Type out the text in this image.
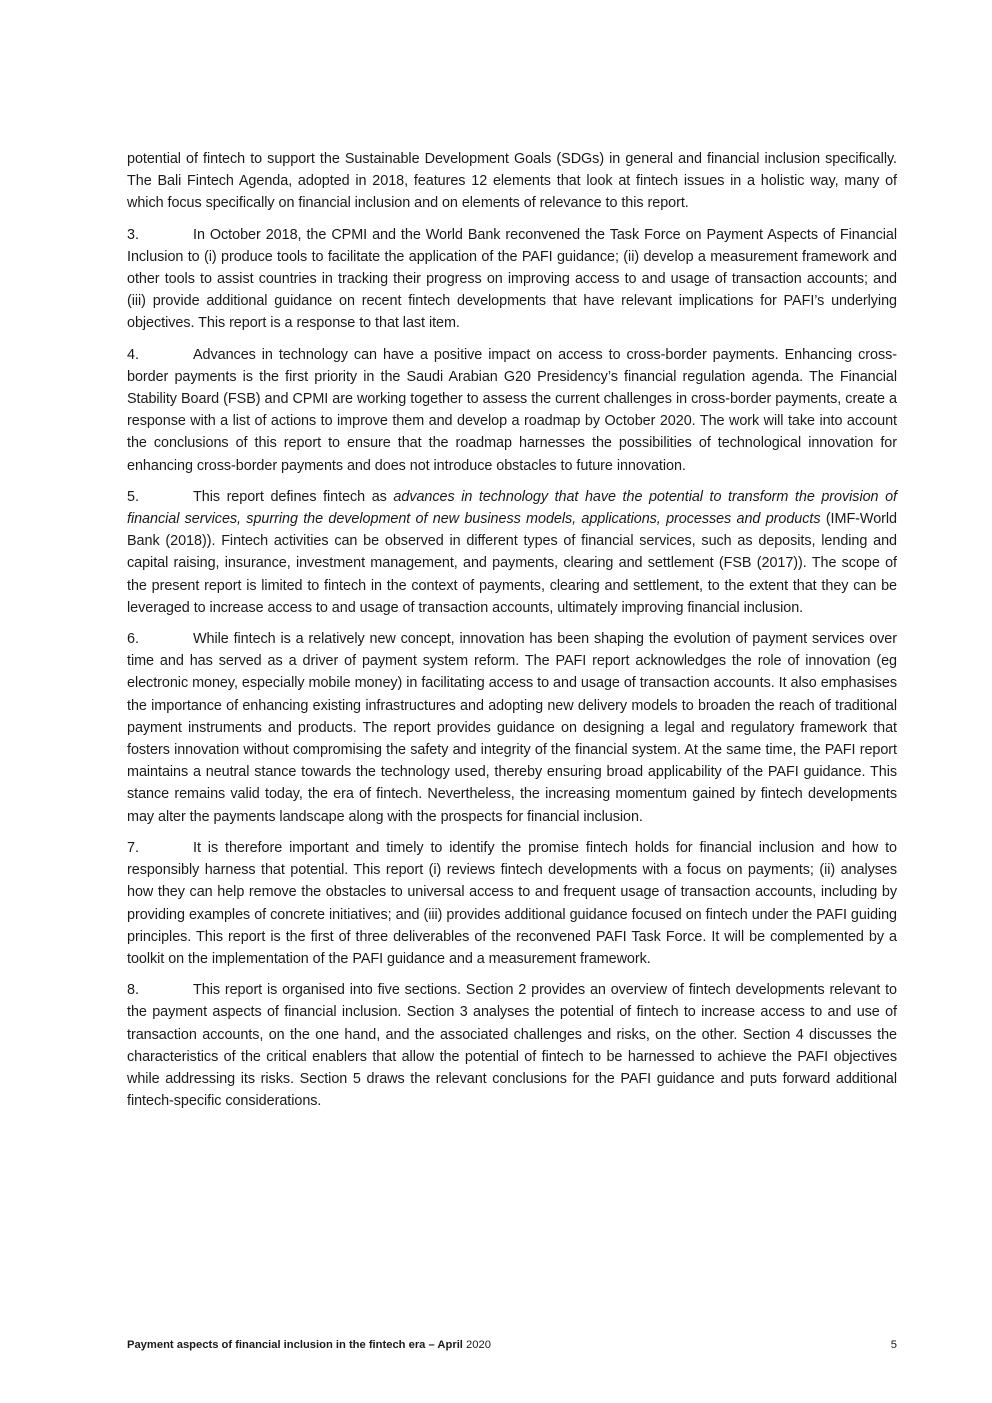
potential of fintech to support the Sustainable Development Goals (SDGs) in general and financial inclusion specifically. The Bali Fintech Agenda, adopted in 2018, features 12 elements that look at fintech issues in a holistic way, many of which focus specifically on financial inclusion and on elements of relevance to this report.

3.	In October 2018, the CPMI and the World Bank reconvened the Task Force on Payment Aspects of Financial Inclusion to (i) produce tools to facilitate the application of the PAFI guidance; (ii) develop a measurement framework and other tools to assist countries in tracking their progress on improving access to and usage of transaction accounts; and (iii) provide additional guidance on recent fintech developments that have relevant implications for PAFI’s underlying objectives. This report is a response to that last item.

4.	Advances in technology can have a positive impact on access to cross-border payments. Enhancing cross-border payments is the first priority in the Saudi Arabian G20 Presidency’s financial regulation agenda. The Financial Stability Board (FSB) and CPMI are working together to assess the current challenges in cross-border payments, create a response with a list of actions to improve them and develop a roadmap by October 2020. The work will take into account the conclusions of this report to ensure that the roadmap harnesses the possibilities of technological innovation for enhancing cross-border payments and does not introduce obstacles to future innovation.

5.	This report defines fintech as advances in technology that have the potential to transform the provision of financial services, spurring the development of new business models, applications, processes and products (IMF-World Bank (2018)). Fintech activities can be observed in different types of financial services, such as deposits, lending and capital raising, insurance, investment management, and payments, clearing and settlement (FSB (2017)). The scope of the present report is limited to fintech in the context of payments, clearing and settlement, to the extent that they can be leveraged to increase access to and usage of transaction accounts, ultimately improving financial inclusion.

6.	While fintech is a relatively new concept, innovation has been shaping the evolution of payment services over time and has served as a driver of payment system reform. The PAFI report acknowledges the role of innovation (eg electronic money, especially mobile money) in facilitating access to and usage of transaction accounts. It also emphasises the importance of enhancing existing infrastructures and adopting new delivery models to broaden the reach of traditional payment instruments and products. The report provides guidance on designing a legal and regulatory framework that fosters innovation without compromising the safety and integrity of the financial system. At the same time, the PAFI report maintains a neutral stance towards the technology used, thereby ensuring broad applicability of the PAFI guidance. This stance remains valid today, the era of fintech. Nevertheless, the increasing momentum gained by fintech developments may alter the payments landscape along with the prospects for financial inclusion.

7.	It is therefore important and timely to identify the promise fintech holds for financial inclusion and how to responsibly harness that potential. This report (i) reviews fintech developments with a focus on payments; (ii) analyses how they can help remove the obstacles to universal access to and frequent usage of transaction accounts, including by providing examples of concrete initiatives; and (iii) provides additional guidance focused on fintech under the PAFI guiding principles. This report is the first of three deliverables of the reconvened PAFI Task Force. It will be complemented by a toolkit on the implementation of the PAFI guidance and a measurement framework.

8.	This report is organised into five sections. Section 2 provides an overview of fintech developments relevant to the payment aspects of financial inclusion. Section 3 analyses the potential of fintech to increase access to and use of transaction accounts, on the one hand, and the associated challenges and risks, on the other. Section 4 discusses the characteristics of the critical enablers that allow the potential of fintech to be harnessed to achieve the PAFI objectives while addressing its risks. Section 5 draws the relevant conclusions for the PAFI guidance and puts forward additional fintech-specific considerations.

Payment aspects of financial inclusion in the fintech era – April 2020	5
